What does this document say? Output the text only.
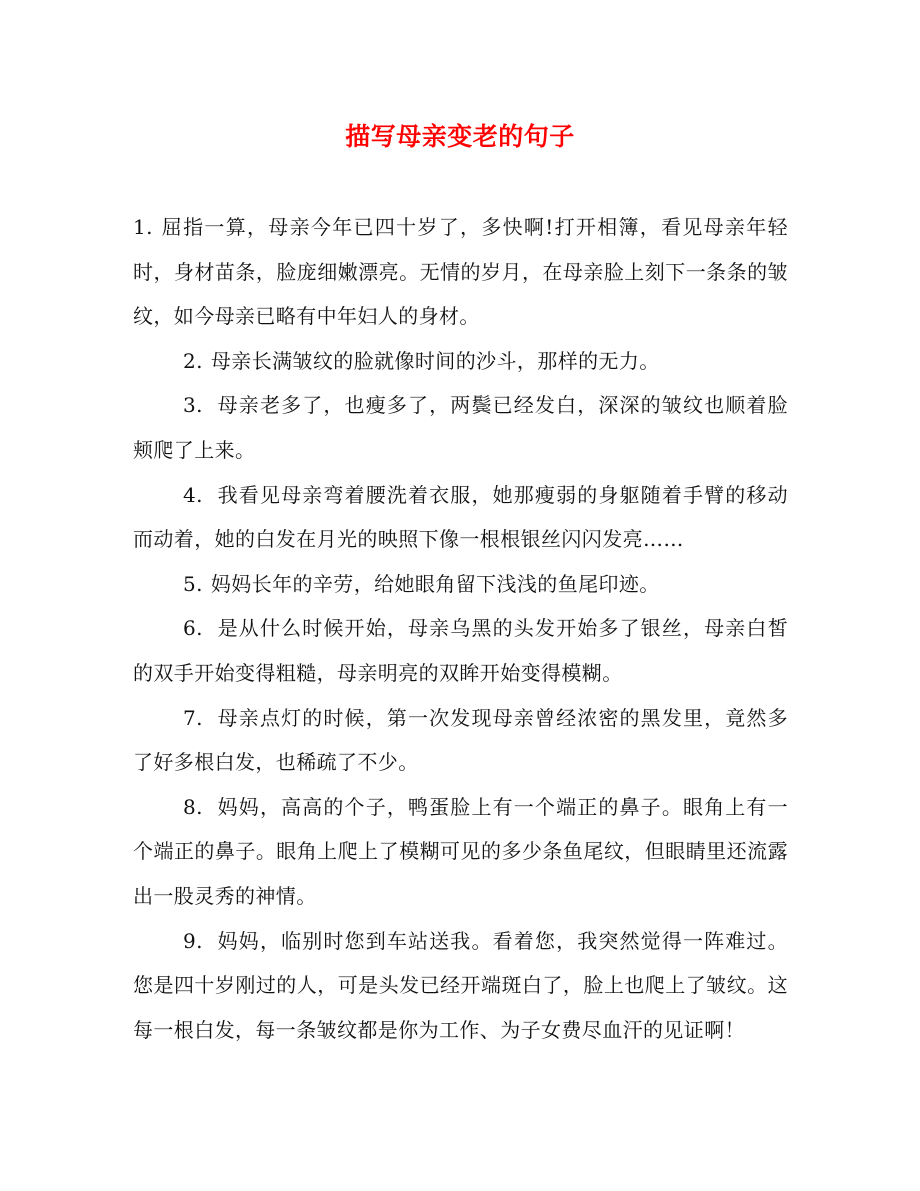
描写母亲变老的句子

1. 屈指一算，母亲今年已四十岁了，多快啊!打开相簿，看见母亲年轻时，身材苗条，脸庞细嫩漂亮。无情的岁月，在母亲脸上刻下一条条的皱纹，如今母亲已略有中年妇人的身材。

2. 母亲长满皱纹的脸就像时间的沙斗，那样的无力。

3. 母亲老多了，也瘦多了，两鬓已经发白，深深的皱纹也顺着脸颊爬了上来。

4. 我看见母亲弯着腰洗着衣服，她那瘦弱的身躯随着手臂的移动而动着，她的白发在月光的映照下像一根根银丝闪闪发亮……

5. 妈妈长年的辛劳，给她眼角留下浅浅的鱼尾印迹。

6. 是从什么时候开始，母亲乌黑的头发开始多了银丝，母亲白皙的双手开始变得粗糙，母亲明亮的双眸开始变得模糊。

7. 母亲点灯的时候，第一次发现母亲曾经浓密的黑发里，竟然多了好多根白发，也稀疏了不少。

8. 妈妈，高高的个子，鸭蛋脸上有一个端正的鼻子。眼角上有一个端正的鼻子。眼角上爬上了模糊可见的多少条鱼尾纹，但眼睛里还流露出一股灵秀的神情。

9. 妈妈，临别时您到车站送我。看着您，我突然觉得一阵难过。您是四十岁刚过的人，可是头发已经开端斑白了，脸上也爬上了皱纹。这每一根白发，每一条皱纹都是你为工作、为子女费尽血汗的见证啊！
